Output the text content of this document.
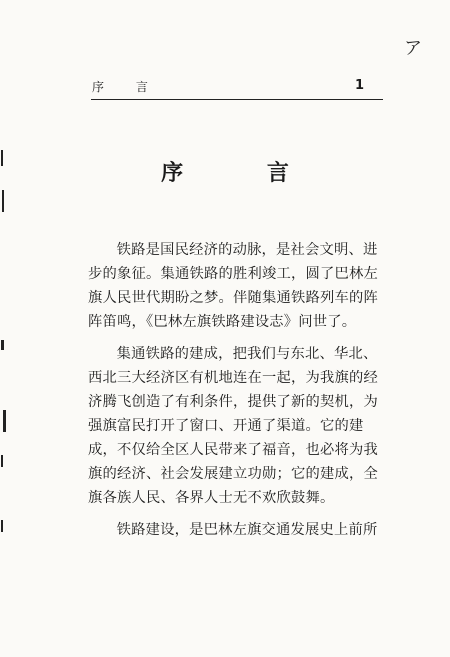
ア
序 言	1
序 言

铁路是国民经济的动脉，是社会文明、进步的象征。集通铁路的胜利竣工，圆了巴林左旗人民世代期盼之梦。伴随集通铁路列车的阵阵笛鸣，《巴林左旗铁路建设志》问世了。

集通铁路的建成，把我们与东北、华北、西北三大经济区有机地连在一起，为我旗的经济腾飞创造了有利条件，提供了新的契机，为强旗富民打开了窗口、开通了渠道。它的建成，不仅给全区人民带来了福音，也必将为我旗的经济、社会发展建立功勋；它的建成，全旗各族人民、各界人士无不欢欣鼓舞。

铁路建设，是巴林左旗交通发展史上前所
